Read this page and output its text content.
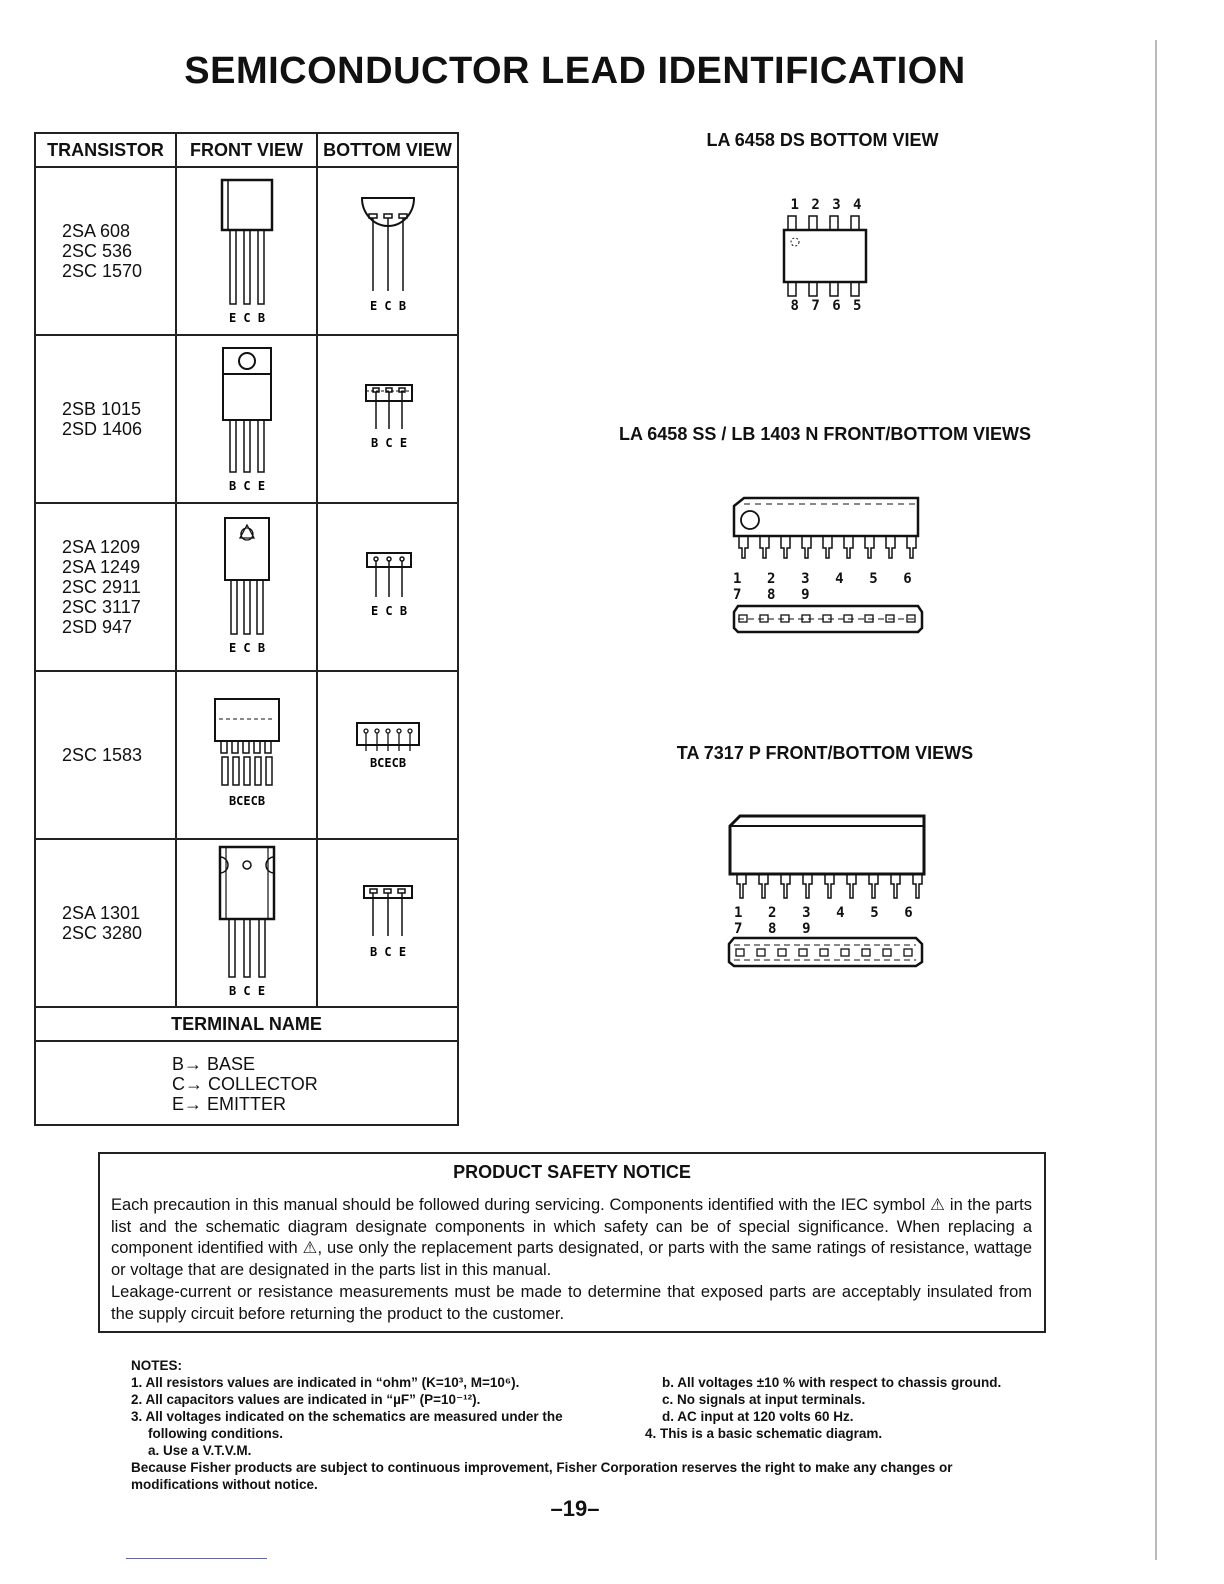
SEMICONDUCTOR LEAD IDENTIFICATION
TRANSISTOR	FRONT VIEW	BOTTOM VIEW

2SA 608
2SC 536
2SC 1570	E C B	E C B

2SB 1015
2SD 1406	B C E	B C E

2SA 1209
2SA 1249
2SC 2911
2SC 3117
2SD 947	E C B	E C B

2SC 1583	BCECB	BCECB

2SA 1301
2SC 3280	B C E	B C E

TERMINAL NAME		

B→ BASE
C→ COLLECTOR
E→ EMITTER		
LA 6458 DS BOTTOM VIEW
1 2 3 4
8 7 6 5
LA 6458 SS / LB 1403 N FRONT/BOTTOM VIEWS
1 2 3 4 5 6 7 8 9
TA 7317 P FRONT/BOTTOM VIEWS
1 2 3 4 5 6 7 8 9
PRODUCT SAFETY NOTICE

Each precaution in this manual should be followed during servicing. Components identified with the IEC symbol ⚠ in the parts list and the schematic diagram designate components in which safety can be of special significance. When replacing a component identified with ⚠, use only the replacement parts designated, or parts with the same ratings of resistance, wattage or voltage that are designated in the parts list in this manual.

Leakage-current or resistance measurements must be made to determine that exposed parts are acceptably insulated from the supply circuit before returning the product to the customer.

NOTES:
1. All resistors values are indicated in “ohm” (K=10³, M=10⁶).
2. All capacitors values are indicated in “µF” (P=10⁻¹²).
3. All voltages indicated on the schematics are measured under the
following conditions.
a. Use a V.T.V.M.
b. All voltages ±10 % with respect to chassis ground.
c. No signals at input terminals.
d. AC input at 120 volts 60 Hz.
4. This is a basic schematic diagram.
Because Fisher products are subject to continuous improvement, Fisher Corporation reserves the right to make any changes or modifications without notice.
–19–
